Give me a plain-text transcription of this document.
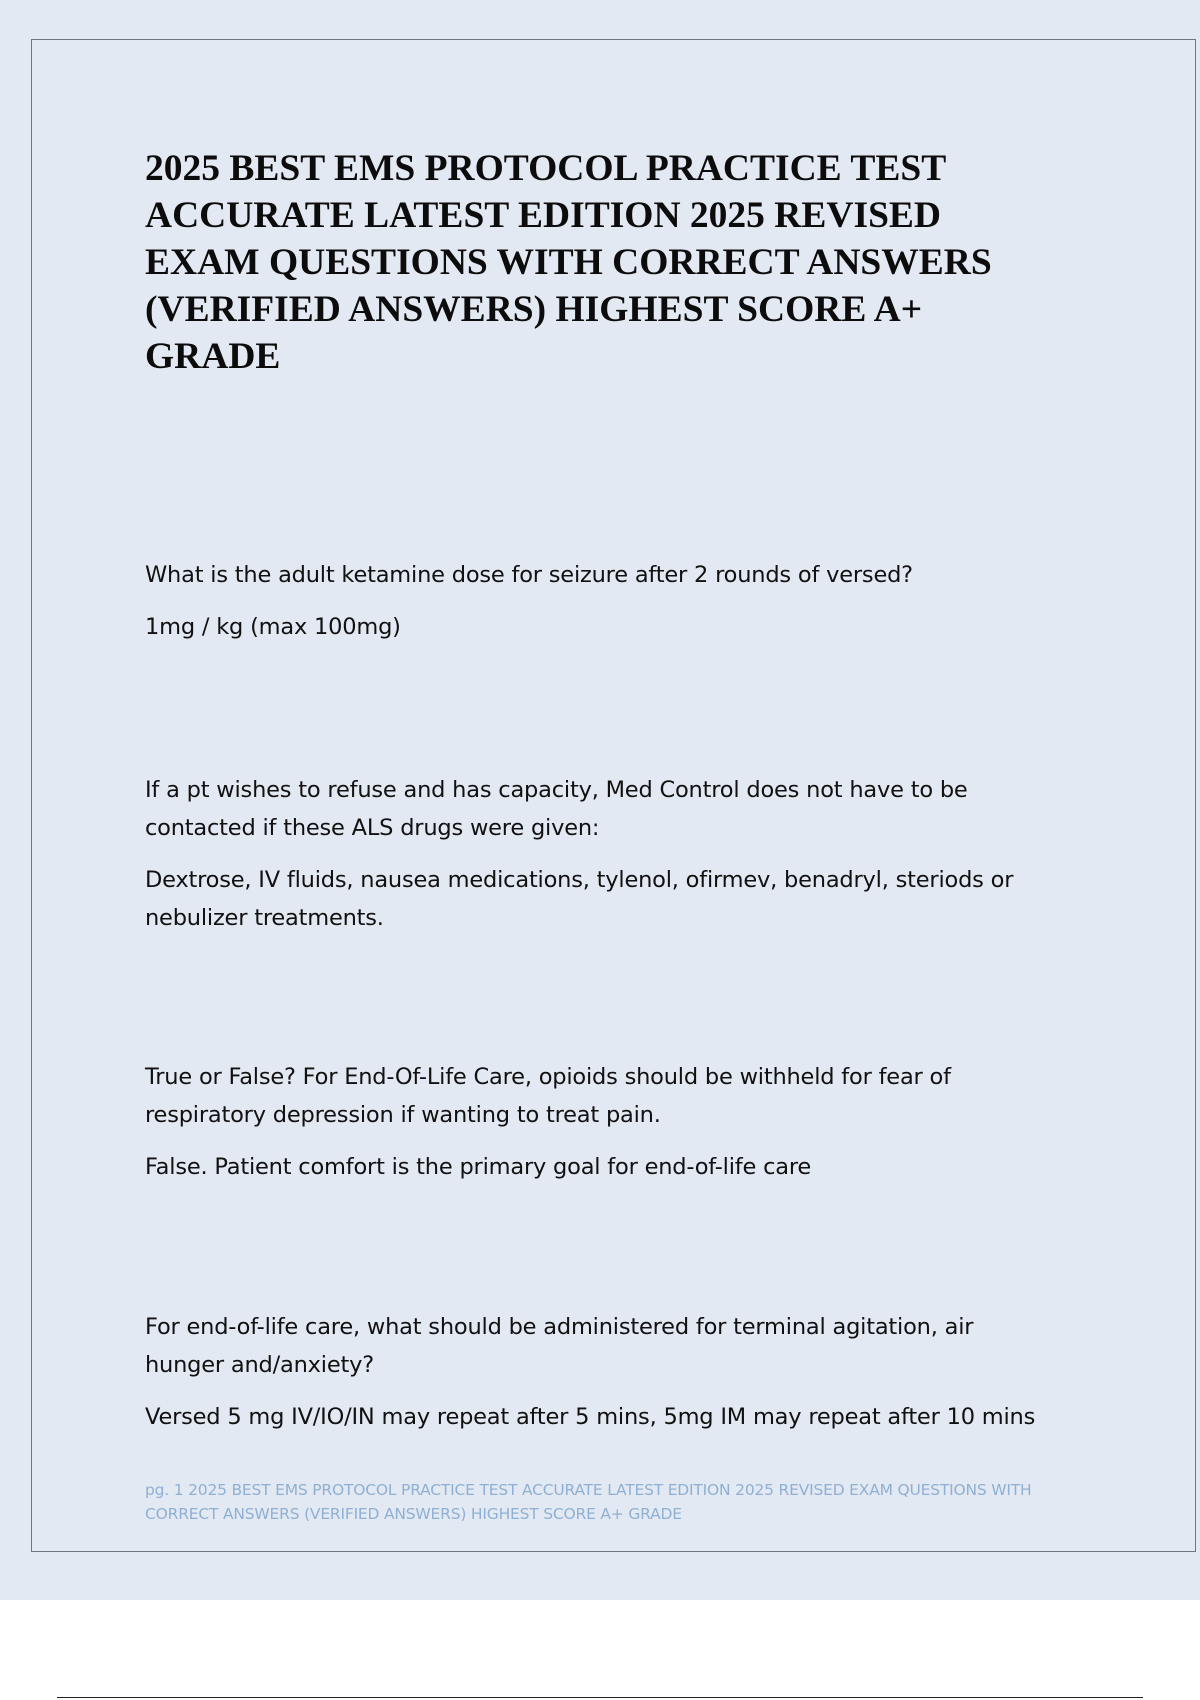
2025 BEST EMS PROTOCOL PRACTICE TEST
ACCURATE LATEST EDITION 2025 REVISED
EXAM QUESTIONS WITH CORRECT ANSWERS
(VERIFIED ANSWERS) HIGHEST SCORE A+
GRADE

What is the adult ketamine dose for seizure after 2 rounds of versed?

1mg / kg (max 100mg)

If a pt wishes to refuse and has capacity, Med Control does not have to be
contacted if these ALS drugs were given:

Dextrose, IV fluids, nausea medications, tylenol, ofirmev, benadryl, steriods or
nebulizer treatments.

True or False? For End-Of-Life Care, opioids should be withheld for fear of
respiratory depression if wanting to treat pain.

False. Patient comfort is the primary goal for end-of-life care

For end-of-life care, what should be administered for terminal agitation, air
hunger and/anxiety?

Versed 5 mg IV/IO/IN may repeat after 5 mins, 5mg IM may repeat after 10 mins

pg. 1 2025 BEST EMS PROTOCOL PRACTICE TEST ACCURATE LATEST EDITION 2025 REVISED EXAM QUESTIONS WITH
CORRECT ANSWERS (VERIFIED ANSWERS) HIGHEST SCORE A+ GRADE
